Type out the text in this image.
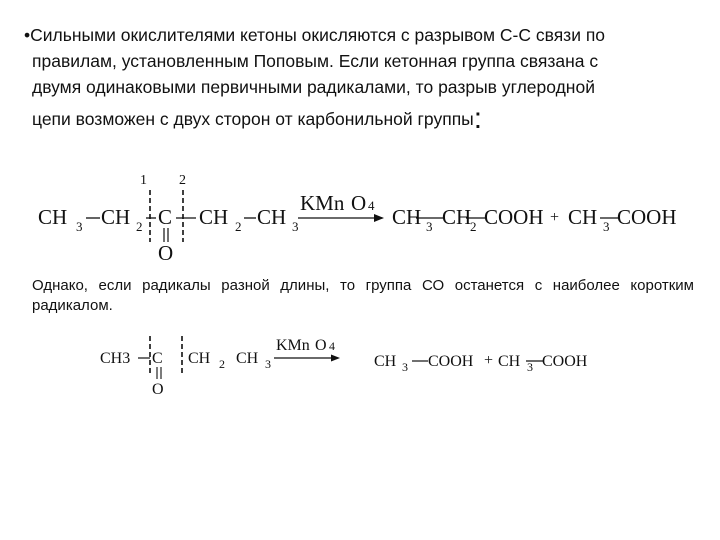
•Сильными окислителями кетоны окисляются с разрывом С-С связи по
правилам, установленным Поповым. Если кетонная группа связана с
двумя одинаковыми первичными радикалами, то разрыв углеродной
цепи возможен с двух сторон от карбонильной группы:
1 2
CH 3 CH 2 C
O
CH 2 CH 3
KMn O 4 CH 3 CH
2 COOH + CH 3 COOH
Однако, если радикалы разной длины, то группа СО останется с наиболее коротким радикалом.
CH3 C
O
CH 2 CH 3
KMn O 4
CH 3 COOH + CH 3 COOH
